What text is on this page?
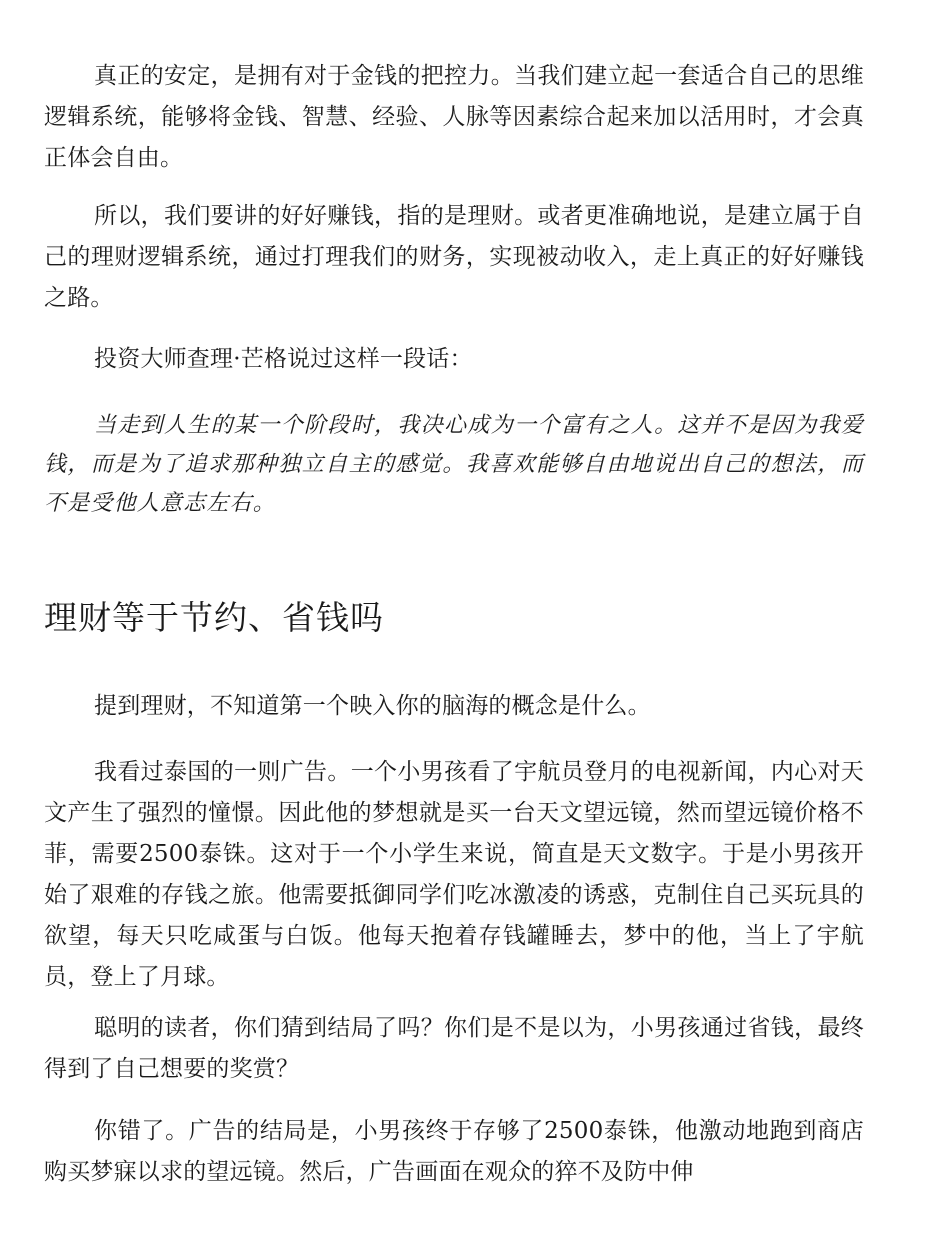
真正的安定，是拥有对于金钱的把控力。当我们建立起一套适合自己的思维逻辑系统，能够将金钱、智慧、经验、人脉等因素综合起来加以活用时，才会真正体会自由。

所以，我们要讲的好好赚钱，指的是理财。或者更准确地说，是建立属于自己的理财逻辑系统，通过打理我们的财务，实现被动收入，走上真正的好好赚钱之路。

投资大师查理·芒格说过这样一段话：

当走到人生的某一个阶段时，我决心成为一个富有之人。这并不是因为我爱钱，而是为了追求那种独立自主的感觉。我喜欢能够自由地说出自己的想法，而不是受他人意志左右。

理财等于节约、省钱吗

提到理财，不知道第一个映入你的脑海的概念是什么。

我看过泰国的一则广告。一个小男孩看了宇航员登月的电视新闻，内心对天文产生了强烈的憧憬。因此他的梦想就是买一台天文望远镜，然而望远镜价格不菲，需要2500泰铢。这对于一个小学生来说，简直是天文数字。于是小男孩开始了艰难的存钱之旅。他需要抵御同学们吃冰激凌的诱惑，克制住自己买玩具的欲望，每天只吃咸蛋与白饭。他每天抱着存钱罐睡去，梦中的他，当上了宇航员，登上了月球。

聪明的读者，你们猜到结局了吗？你们是不是以为，小男孩通过省钱，最终得到了自己想要的奖赏？

你错了。广告的结局是，小男孩终于存够了2500泰铢，他激动地跑到商店购买梦寐以求的望远镜。然后，广告画面在观众的猝不及防中伸
